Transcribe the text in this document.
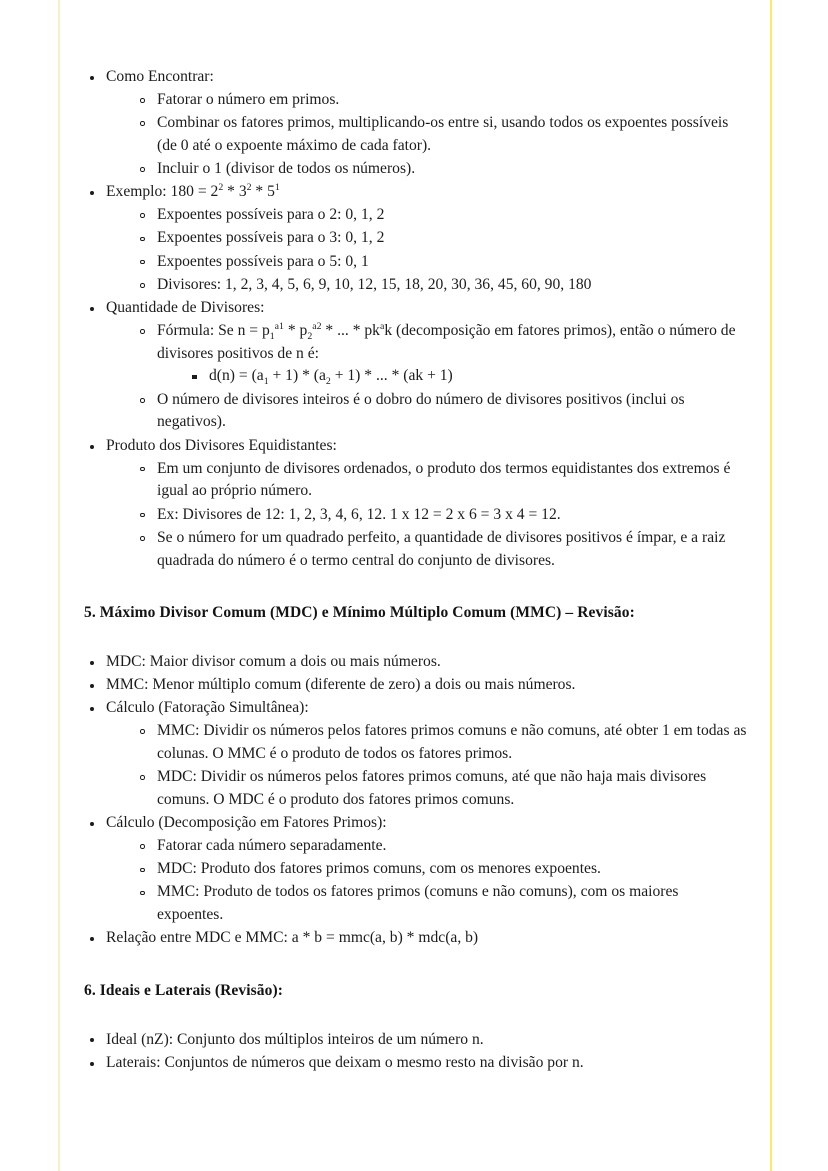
Como Encontrar:
Fatorar o número em primos.
Combinar os fatores primos, multiplicando-os entre si, usando todos os expoentes possíveis (de 0 até o expoente máximo de cada fator).
Incluir o 1 (divisor de todos os números).
Exemplo: $180 = 2^2 * 3^2 * 5^1$
Expoentes possíveis para o 2: 0, 1, 2
Expoentes possíveis para o 3: 0, 1, 2
Expoentes possíveis para o 5: 0, 1
Divisores: 1, 2, 3, 4, 5, 6, 9, 10, 12, 15, 18, 20, 30, 36, 45, 60, 90, 180
Quantidade de Divisores:
Fórmula: Se $n = p_1^{a1} * p_2^{a2}$ * ... * $pk^ak$ (decomposição em fatores primos), então o número de divisores positivos de n é:
$d(n) = (a_1 + 1) * (a_2 + 1)$ * ... * (ak + 1)
O número de divisores inteiros é o dobro do número de divisores positivos (inclui os negativos).
Produto dos Divisores Equidistantes:
Em um conjunto de divisores ordenados, o produto dos termos equidistantes dos extremos é igual ao próprio número.
Ex: Divisores de 12: 1, 2, 3, 4, 6, 12. 1 x 12 = 2 x 6 = 3 x 4 = 12.
Se o número for um quadrado perfeito, a quantidade de divisores positivos é ímpar, e a raiz quadrada do número é o termo central do conjunto de divisores.
5. Máximo Divisor Comum (MDC) e Mínimo Múltiplo Comum (MMC) – Revisão:
MDC: Maior divisor comum a dois ou mais números.
MMC: Menor múltiplo comum (diferente de zero) a dois ou mais números.
Cálculo (Fatoração Simultânea):
MMC: Dividir os números pelos fatores primos comuns e não comuns, até obter 1 em todas as colunas. O MMC é o produto de todos os fatores primos.
MDC: Dividir os números pelos fatores primos comuns, até que não haja mais divisores comuns. O MDC é o produto dos fatores primos comuns.
Cálculo (Decomposição em Fatores Primos):
Fatorar cada número separadamente.
MDC: Produto dos fatores primos comuns, com os menores expoentes.
MMC: Produto de todos os fatores primos (comuns e não comuns), com os maiores expoentes.
Relação entre MDC e MMC: a * b = mmc(a, b) * mdc(a, b)
6. Ideais e Laterais (Revisão):
Ideal (nZ): Conjunto dos múltiplos inteiros de um número n.
Laterais: Conjuntos de números que deixam o mesmo resto na divisão por n.
